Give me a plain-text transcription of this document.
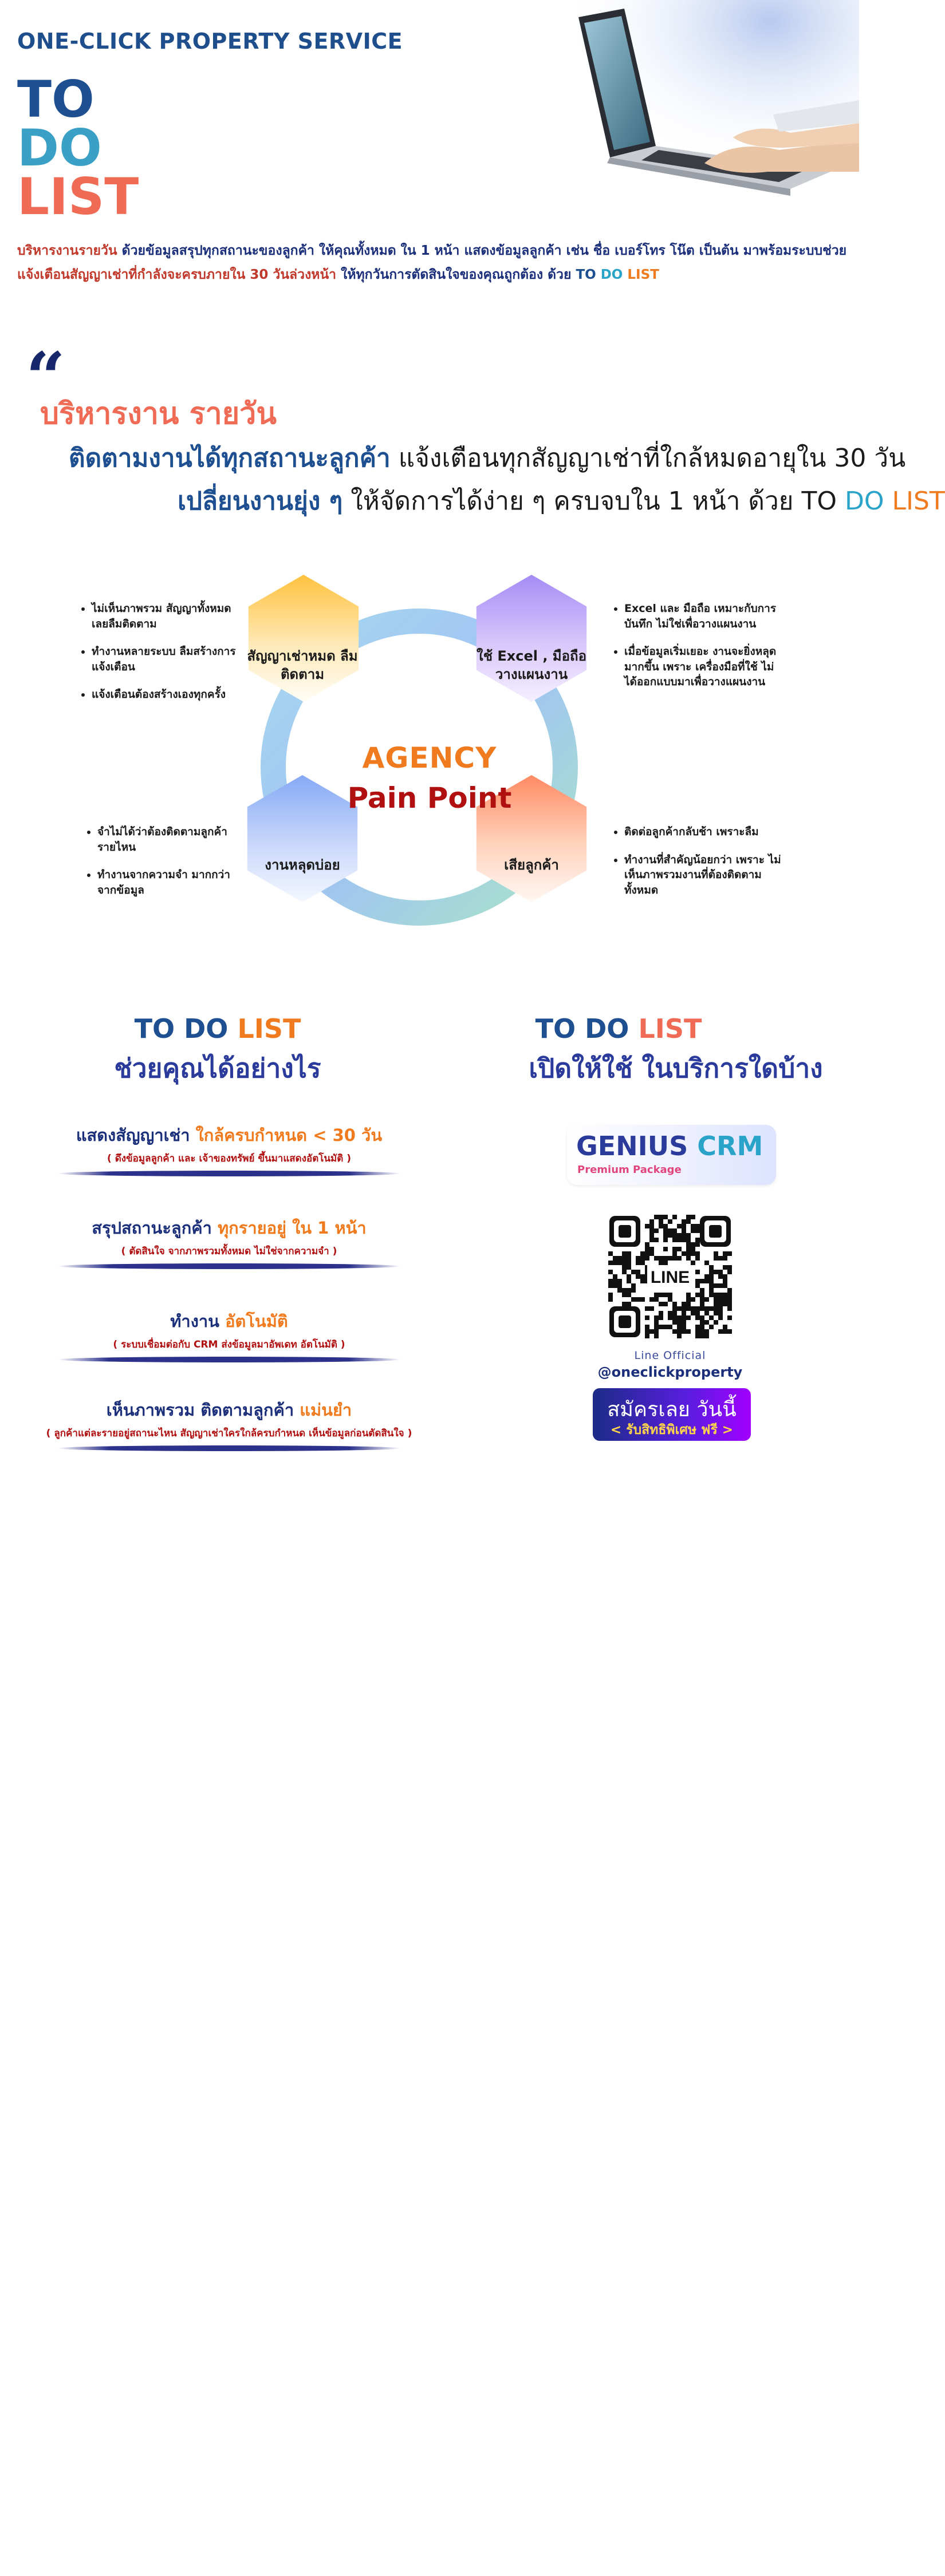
ONE-CLICK PROPERTY SERVICE
TO
DO
LIST
บริหารงานรายวัน ด้วยข้อมูลสรุปทุกสถานะของลูกค้า ให้คุณทั้งหมด ใน 1 หน้า แสดงข้อมูลลูกค้า เช่น ชื่อ เบอร์โทร โน๊ต เป็นต้น มาพร้อมระบบช่วย
แจ้งเตือนสัญญาเช่าที่กำลังจะครบภายใน 30 วันล่วงหน้า ให้ทุกวันการตัดสินใจของคุณถูกต้อง ด้วย TO DO LIST
“
บริหารงาน รายวัน
ติดตามงานได้ทุกสถานะลูกค้า แจ้งเตือนทุกสัญญาเช่าที่ใกล้หมดอายุใน 30 วัน
เปลี่ยนงานยุ่ง ๆ ให้จัดการได้ง่าย ๆ ครบจบใน 1 หน้า ด้วย TO DO LIST
สัญญาเช่าหมด ลืมติดตาม
ใช้ Excel , มือถือ วางแผนงาน
งานหลุดบ่อย	เสียลูกค้า
AGENCY
Pain Point
• ไม่เห็นภาพรวม สัญญาทั้งหมด เลยลืมติดตาม
• ทำงานหลายระบบ ลืมสร้างการแจ้งเตือน
• แจ้งเตือนต้องสร้างเองทุกครั้ง
• Excel และ มือถือ เหมาะกับการบันทึก ไม่ใช่เพื่อวางแผนงาน
• เมื่อข้อมูลเริ่มเยอะ งานจะยิ่งหลุดมากขึ้น เพราะ เครื่องมือที่ใช้ ไม่ได้ออกแบบมาเพื่อวางแผนงาน
• จำไม่ได้ว่าต้องติดตามลูกค้ารายไหน
• ทำงานจากความจำ มากกว่าจากข้อมูล
• ติดต่อลูกค้ากลับช้า เพราะลืม
• ทำงานที่สำคัญน้อยกว่า เพราะ ไม่เห็นภาพรวมงานที่ต้องติดตามทั้งหมด
TO DO LIST
ช่วยคุณได้อย่างไร
แสดงสัญญาเช่า ใกล้ครบกำหนด < 30 วัน
( ดึงข้อมูลลูกค้า และ เจ้าของทรัพย์ ขึ้นมาแสดงอัตโนมัติ )
สรุปสถานะลูกค้า ทุกรายอยู่ ใน 1 หน้า
( ตัดสินใจ จากภาพรวมทั้งหมด ไม่ใช่จากความจำ )
ทำงาน อัตโนมัติ
( ระบบเชื่อมต่อกับ CRM ส่งข้อมูลมาอัพเดท อัตโนมัติ )
เห็นภาพรวม ติดตามลูกค้า แม่นยำ
( ลูกค้าแต่ละรายอยู่สถานะไหน สัญญาเช่าใครใกล้ครบกำหนด เห็นข้อมูลก่อนตัดสินใจ )
TO DO LIST
เปิดให้ใช้ ในบริการใดบ้าง
GENIUS CRM
Premium Package
LINE
Line Official
@oneclickproperty
สมัครเลย วันนี้
< รับสิทธิพิเศษ ฟรี >
